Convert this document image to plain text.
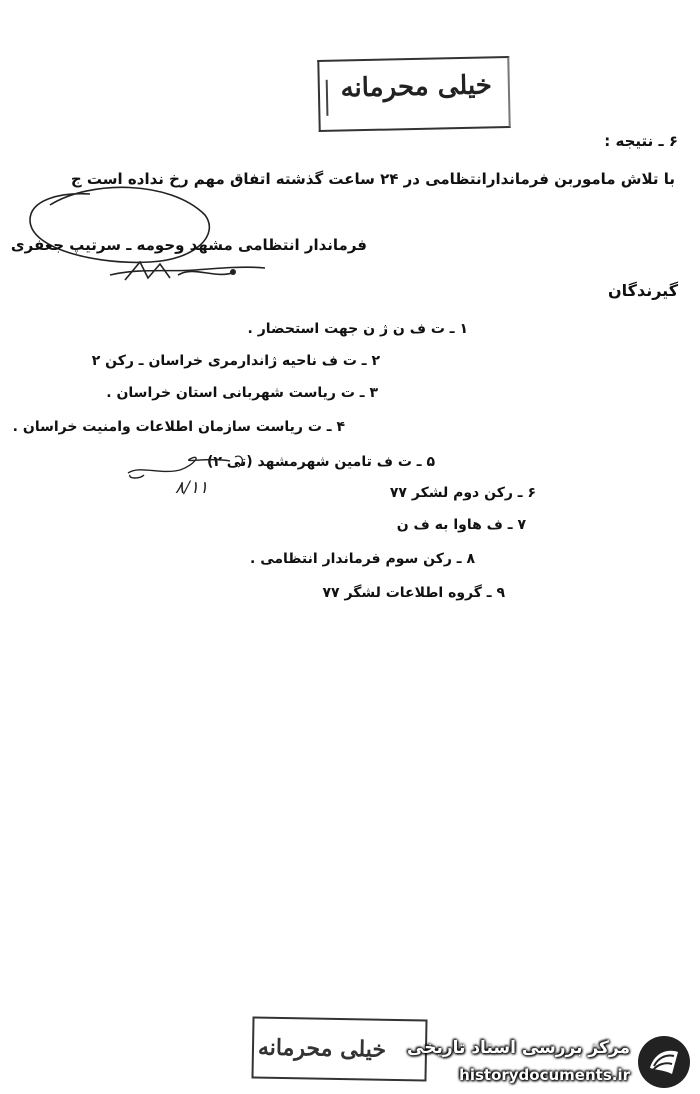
خیلی محرمانه
۶ ـ نتیجه :
با تلاش ماموربن فرماندارانتظامی در ۲۴ ساعت گذشته اتفاق مهم رخ نداده است ج
فرماندار انتظامی مشهد وحومه ـ سرتیپ جعفری
گیرندگان
۱ ـ ت ف ن ژ ن جهت استحضار .
۲ ـ ت ف ناحیه ژاندارمری خراسان ـ رکن ۲
۳ ـ ت ریاست شهربانی استان خراسان .
۴ ـ ت ریاست سازمان اطلاعات وامنیت خراسان .
۵ ـ ت ف تامین شهرمشهد (تی ۲)
۶ ـ رکن دوم لشکر ۷۷
۷ ـ ف هاوا به ف ن
۸ ـ رکن سوم فرماندار انتظامی .
۹ ـ گروه اطلاعات لشگر ۷۷
۸/۱۱
خیلی محرمانه مرکز بررسی اسناد تاریخی
historydocuments.ir
